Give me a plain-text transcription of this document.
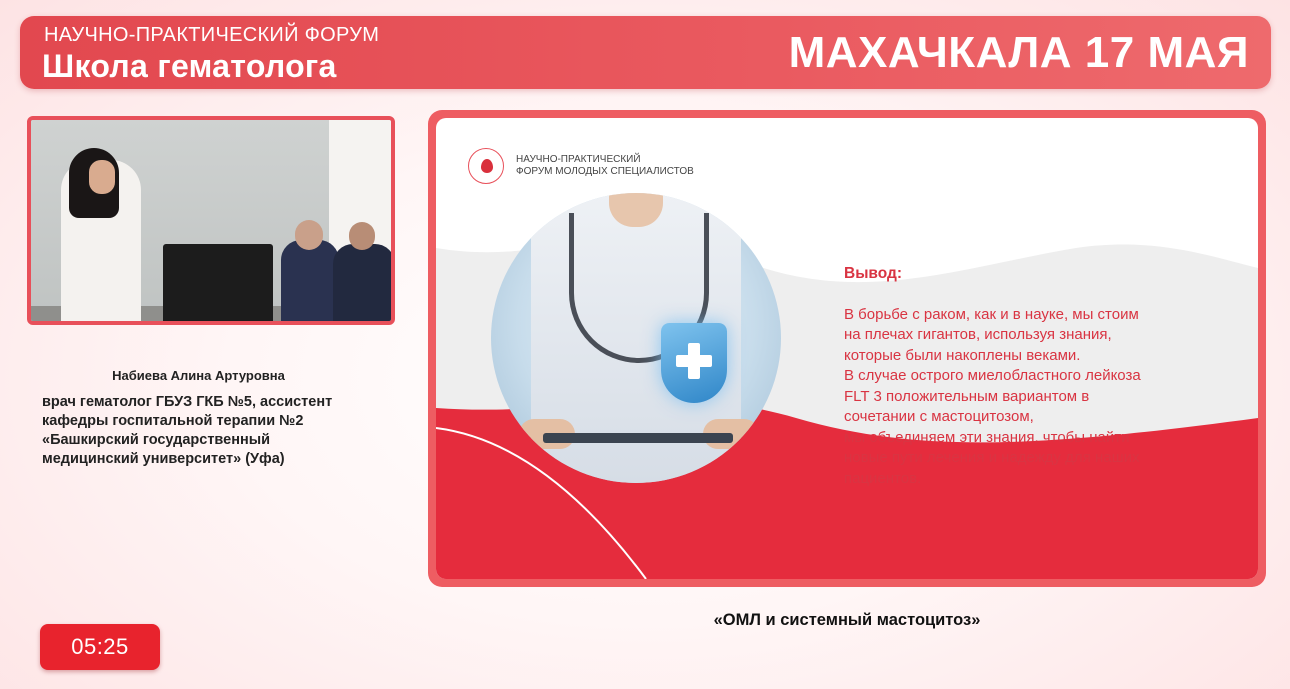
НАУЧНО-ПРАКТИЧЕСКИЙ ФОРУМ
Школа гематолога	МАХАЧКАЛА 17 МАЯ
Набиева Алина Артуровна
врач гематолог ГБУЗ ГКБ №5, ассистент
кафедры госпитальной терапии №2
«Башкирский государственный
медицинский университет» (Уфа)
НАУЧНО-ПРАКТИЧЕСКИЙ
ФОРУМ МОЛОДЫХ СПЕЦИАЛИСТОВ
Вывод:

В борьбе с раком, как и в науке, мы стоим

на плечах гигантов, используя знания,

которые были накоплены веками.

В случае острого миелобластного лейкоза

FLT 3 положительным вариантом в

сочетании с мастоцитозом,

мы объединяем эти знания, чтобы найти

новые пути лечения и надежду для наших

пациентов.

«ОМЛ и системный мастоцитоз»
05:25
